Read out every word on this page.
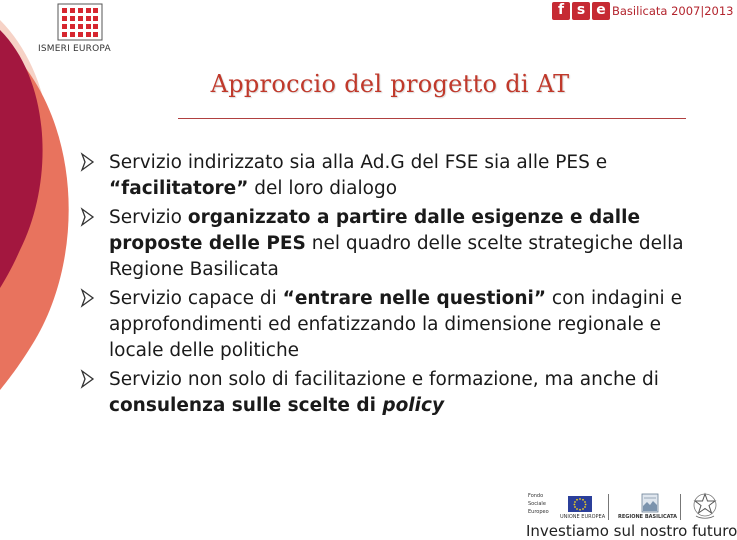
ISMERI EUROPA
f s e Basilicata 2007|2013
Approccio del progetto di AT
Servizio indirizzato sia alla Ad.G del FSE sia alle PES e “facilitatore” del loro dialogo
Servizio organizzato a partire dalle esigenze e dalle proposte delle PES nel quadro delle scelte strategiche della Regione Basilicata
Servizio capace di “entrare nelle questioni” con indagini e approfondimenti ed enfatizzando la dimensione regionale e locale delle politiche
Servizio non solo di facilitazione e formazione, ma anche di consulenza sulle scelte di policy
Fondo Sociale Europeo
UNIONE EUROPEA	REGIONE BASILICATA
Investiamo sul nostro futuro
